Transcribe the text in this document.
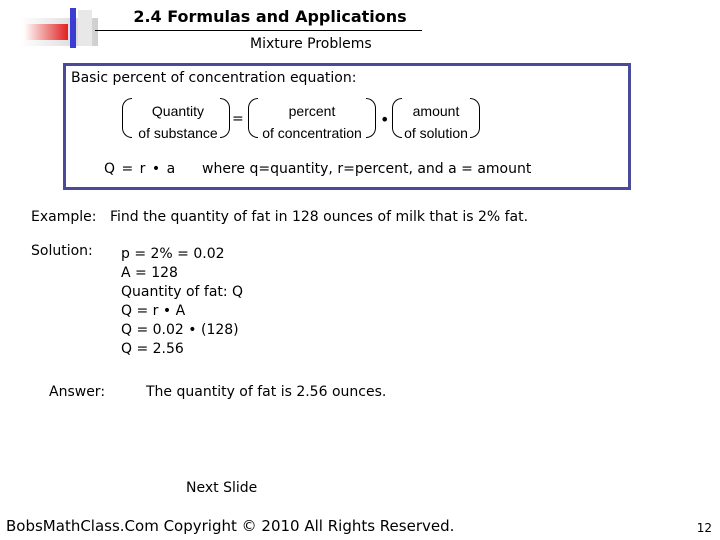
2.4 Formulas and Applications
Mixture Problems
Basic percent of concentration equation:
Quantity
of substance
=	percent
of concentration
•	amount
of solution
Q = r • a where q=quantity, r=percent, and a = amount
Example: Find the quantity of fat in 128 ounces of milk that is 2% fat.
Solution: p = 2% = 0.02
A = 128
Quantity of fat: Q
Q = r • A
Q = 0.02 • (128)
Q = 2.56
Answer:	The quantity of fat is 2.56 ounces.
Next Slide
BobsMathClass.Com Copyright © 2010 All Rights Reserved.	12
